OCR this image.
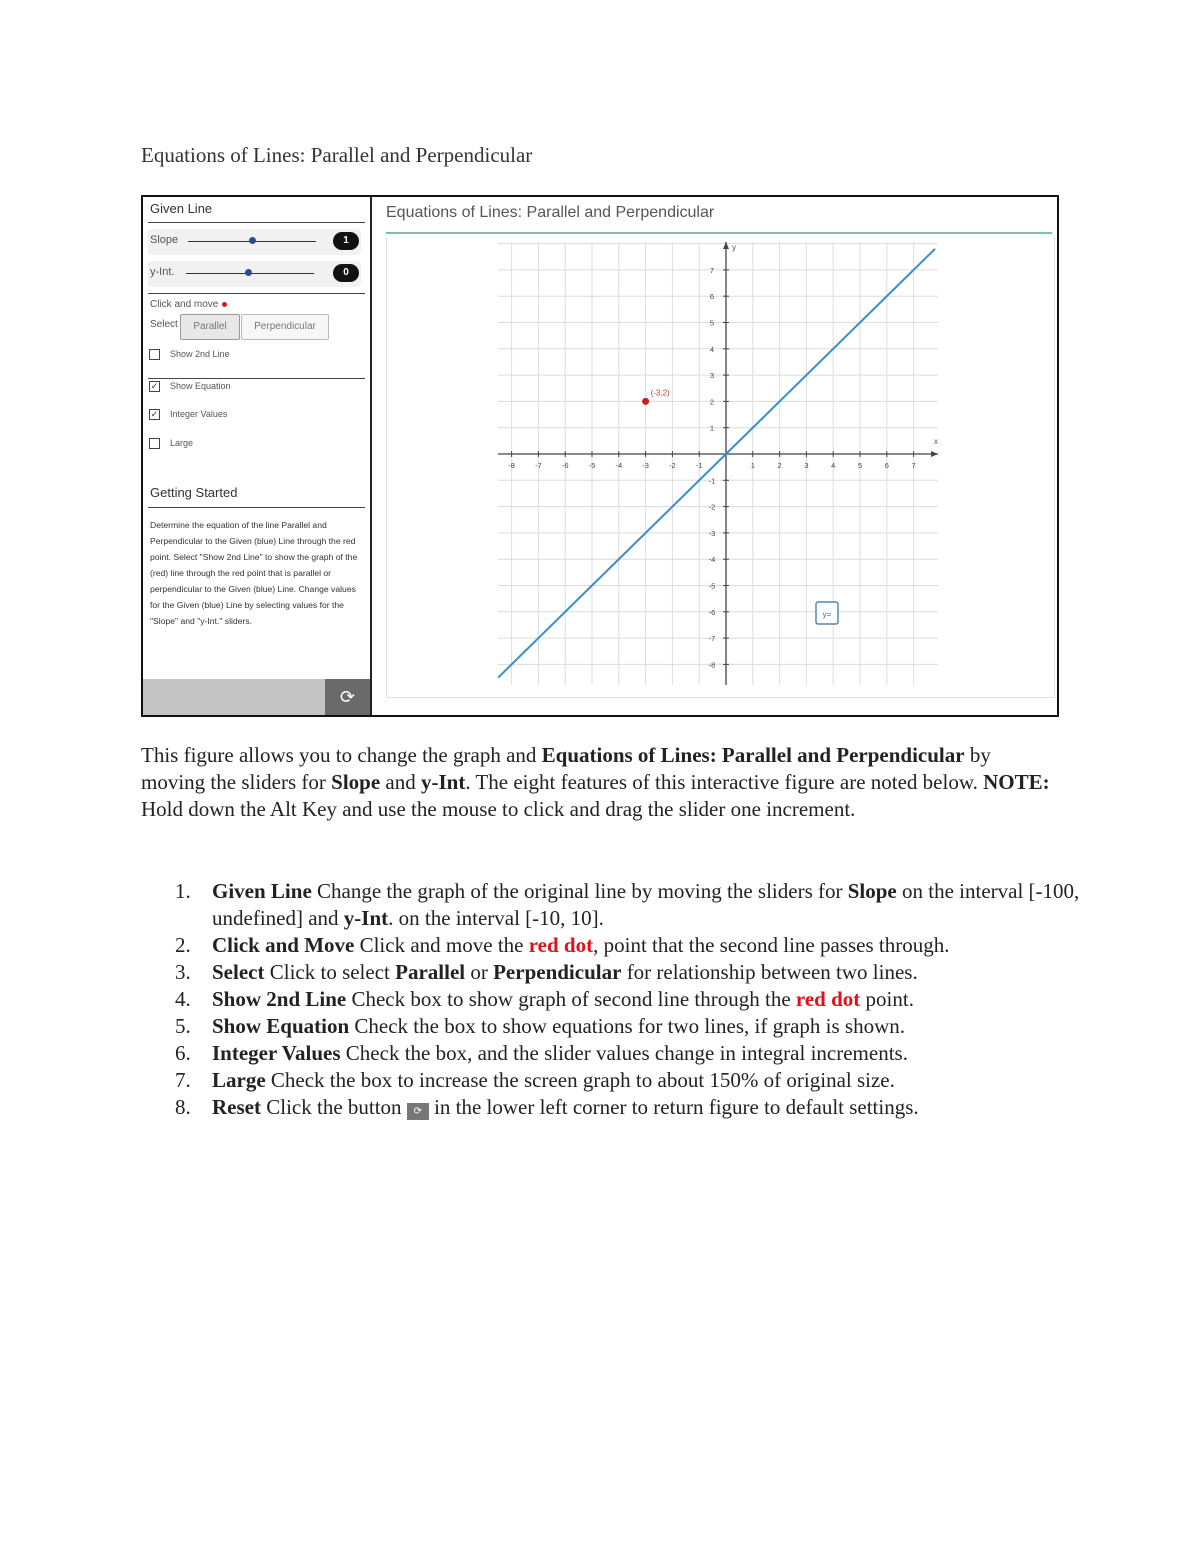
Equations of Lines: Parallel and Perpendicular
Given Line
Slope	1
y-Int.	0
Click and move
Select	Parallel	Perpendicular
Show 2nd Line
✓ Show Equation
✓ Integer Values
Large
Getting Started
Determine the equation of the line Parallel and Perpendicular to the Given (blue) Line through the red point. Select "Show 2nd Line" to show the graph of the (red) line through the red point that is parallel or perpendicular to the Given (blue) Line. Change values for the Given (blue) Line by selecting values for the "Slope" and "y-Int." sliders.
⟳
Equations of Lines: Parallel and Perpendicular
x
y
-8	-7	-6	-5	-4	-3	-2	-1	1	2	3	4	5	6	7
7
6
5
4
3
2
1
-1
-2
-3
-4
-5
-6
-7
-8
(-3,2)
y=
This figure allows you to change the graph and Equations of Lines: Parallel and Perpendicular by moving the sliders for Slope and y-Int. The eight features of this interactive figure are noted below. NOTE: Hold down the Alt Key and use the mouse to click and drag the slider one increment.
1. Given Line Change the graph of the original line by moving the sliders for Slope on the interval [-100, undefined] and y-Int. on the interval [-10, 10].
2. Click and Move Click and move the red dot, point that the second line passes through.
3. Select Click to select Parallel or Perpendicular for relationship between two lines.
4. Show 2nd Line Check box to show graph of second line through the red dot point.
5. Show Equation Check the box to show equations for two lines, if graph is shown.
6. Integer Values Check the box, and the slider values change in integral increments.
7. Large Check the box to increase the screen graph to about 150% of original size.
8. Reset Click the button ⟳ in the lower left corner to return figure to default settings.
